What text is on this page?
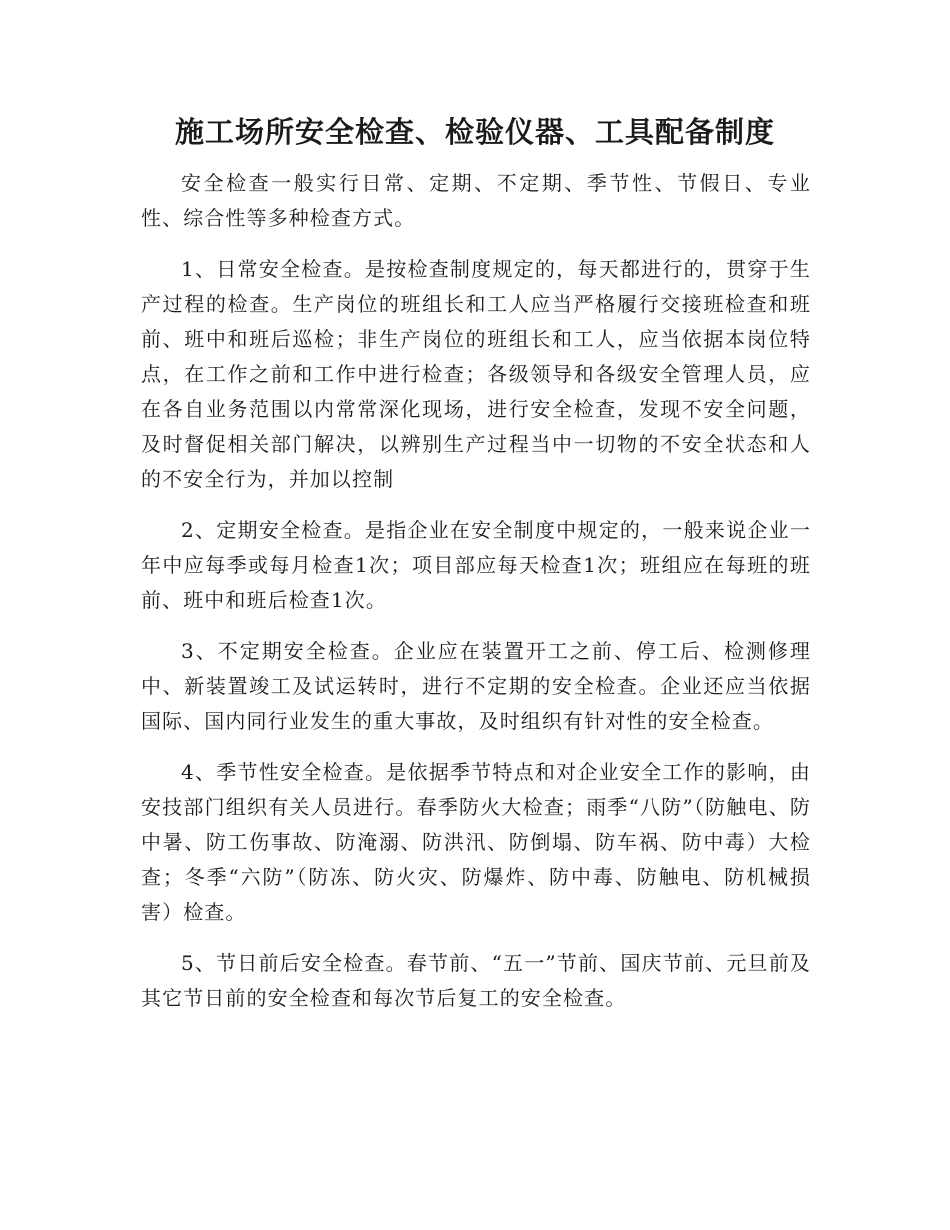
施工场所安全检查、检验仪器、工具配备制度

安全检查一般实行日常、定期、不定期、季节性、节假日、专业性、综合性等多种检查方式。

1、日常安全检查。是按检查制度规定的，每天都进行的，贯穿于生产过程的检查。生产岗位的班组长和工人应当严格履行交接班检查和班前、班中和班后巡检；非生产岗位的班组长和工人，应当依据本岗位特点，在工作之前和工作中进行检查；各级领导和各级安全管理人员，应在各自业务范围以内常常深化现场，进行安全检查，发现不安全问题，及时督促相关部门解决，以辨别生产过程当中一切物的不安全状态和人的不安全行为，并加以控制

2、定期安全检查。是指企业在安全制度中规定的，一般来说企业一年中应每季或每月检查1次；项目部应每天检查1次；班组应在每班的班前、班中和班后检查1次。

3、不定期安全检查。企业应在装置开工之前、停工后、检测修理中、新装置竣工及试运转时，进行不定期的安全检查。企业还应当依据国际、国内同行业发生的重大事故，及时组织有针对性的安全检查。

4、季节性安全检查。是依据季节特点和对企业安全工作的影响，由安技部门组织有关人员进行。春季防火大检查；雨季“八防”（防触电、防中暑、防工伤事故、防淹溺、防洪汛、防倒塌、防车祸、防中毒）大检查；冬季“六防”（防冻、防火灾、防爆炸、防中毒、防触电、防机械损害）检查。

5、节日前后安全检查。春节前、“五一”节前、国庆节前、元旦前及其它节日前的安全检查和每次节后复工的安全检查。
